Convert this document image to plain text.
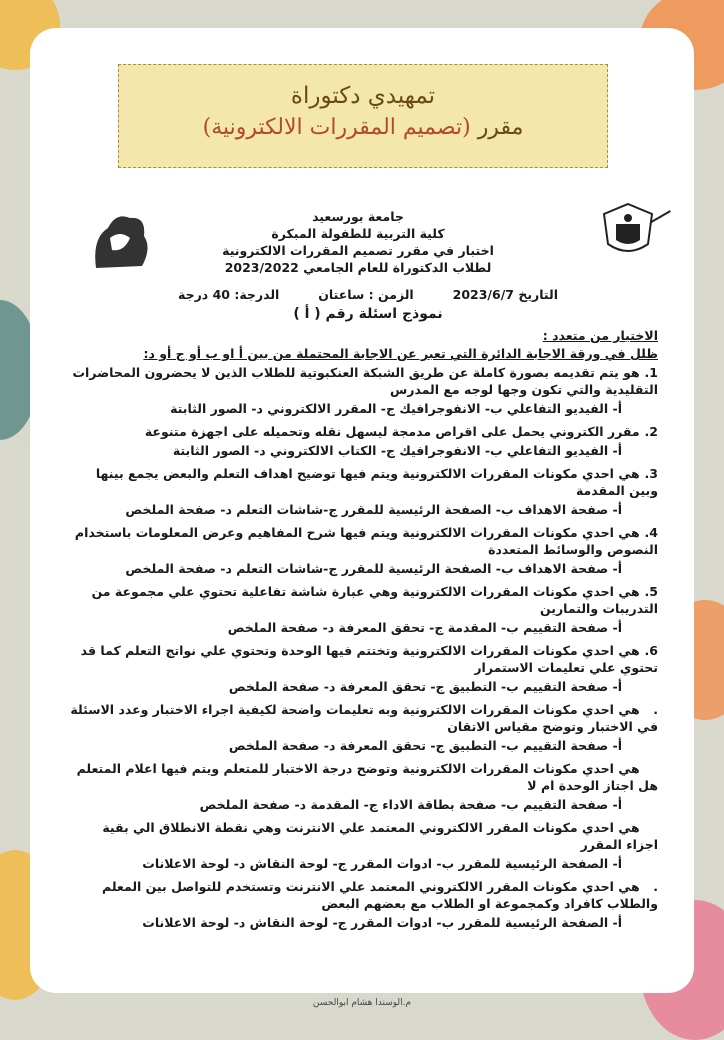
تمهيدي دكتوراة
مقرر (تصميم المقررات الالكترونية)
جامعة بورسعيد
كلية التربية للطفولة المبكرة
اختبار في مقرر تصميم المقررات الالكترونية
لطلاب الدكتوراة للعام الجامعي 2023/2022
التاريخ 2023/6/7
الزمن : ساعتان
الدرجة: 40 درجة
نموذج اسئلة رقم ( أ )
الاختيار من متعدد :
ظلل في ورقة الاجابة الدائرة التي تعبر عن الاجابة المحتملة من بين أ او ب أو ج أو د:
1. هو يتم تقديمه بصورة كاملة عن طريق الشبكة العنكبوتية للطلاب الذين لا يحضرون المحاضرات التقليدية والتي تكون وجها لوجه مع المدرس
أ- الفيديو التفاعلي ب- الانفوجرافيك ج- المقرر الالكتروني د- الصور الثابتة
2. مقرر الكتروني يحمل على اقراص مدمجة ليسهل نقله وتحميله على اجهزة متنوعة
أ- الفيديو التفاعلي ب- الانفوجرافيك ج- الكتاب الالكتروني د- الصور الثابتة
3. هي احدي مكونات المقررات الالكترونية ويتم فيها توضيح اهداف التعلم والبعض يجمع بينها وبين المقدمة
أ- صفحة الاهداف ب- الصفحة الرئيسية للمقرر ج-شاشات التعلم د- صفحة الملخص
4. هي احدي مكونات المقررات الالكترونية ويتم فيها شرح المفاهيم وعرض المعلومات باستخدام النصوص والوسائط المتعددة
أ- صفحة الاهداف ب- الصفحة الرئيسية للمقرر ج-شاشات التعلم د- صفحة الملخص
5. هي احدي مكونات المقررات الالكترونية وهي عبارة شاشة تفاعلية تحتوي علي مجموعة من التدريبات والتمارين
أ- صفحة التقييم ب- المقدمة ج- تحقق المعرفة د- صفحة الملخص
6. هي احدي مكونات المقررات الالكترونية وتختتم فيها الوحدة وتحتوي علي نواتج التعلم كما قد تحتوي علي تعليمات الاستمرار
أ- صفحة التقييم ب- التطبيق ج- تحقق المعرفة د- صفحة الملخص
. هي احدي مكونات المقررات الالكترونية وبه تعليمات واضحة لكيفية اجراء الاختبار وعدد الاسئلة في الاختبار وتوضح مقياس الاتقان
أ- صفحة التقييم ب- التطبيق ج- تحقق المعرفة د- صفحة الملخص
هي احدي مكونات المقررات الالكترونية وتوضح درجة الاختبار للمتعلم ويتم فيها اعلام المتعلم هل اجتاز الوحدة ام لا
أ- صفحة التقييم ب- صفحة بطاقة الاداء ج- المقدمة د- صفحة الملخص
هي احدي مكونات المقرر الالكتروني المعتمد علي الانترنت وهي نقطة الانطلاق الي بقية اجزاء المقرر
أ- الصفحة الرئيسية للمقرر ب- ادوات المقرر ج- لوحة النقاش د- لوحة الاعلانات
. هي احدي مكونات المقرر الالكتروني المعتمد علي الانترنت وتستخدم للتواصل بين المعلم والطلاب كافراد وكمجموعة او الطلاب مع بعضهم البعض
أ- الصفحة الرئيسية للمقرر ب- ادوات المقرر ج- لوحة النقاش د- لوحة الاعلانات
م.الوسندا هشام ابوالحسن
